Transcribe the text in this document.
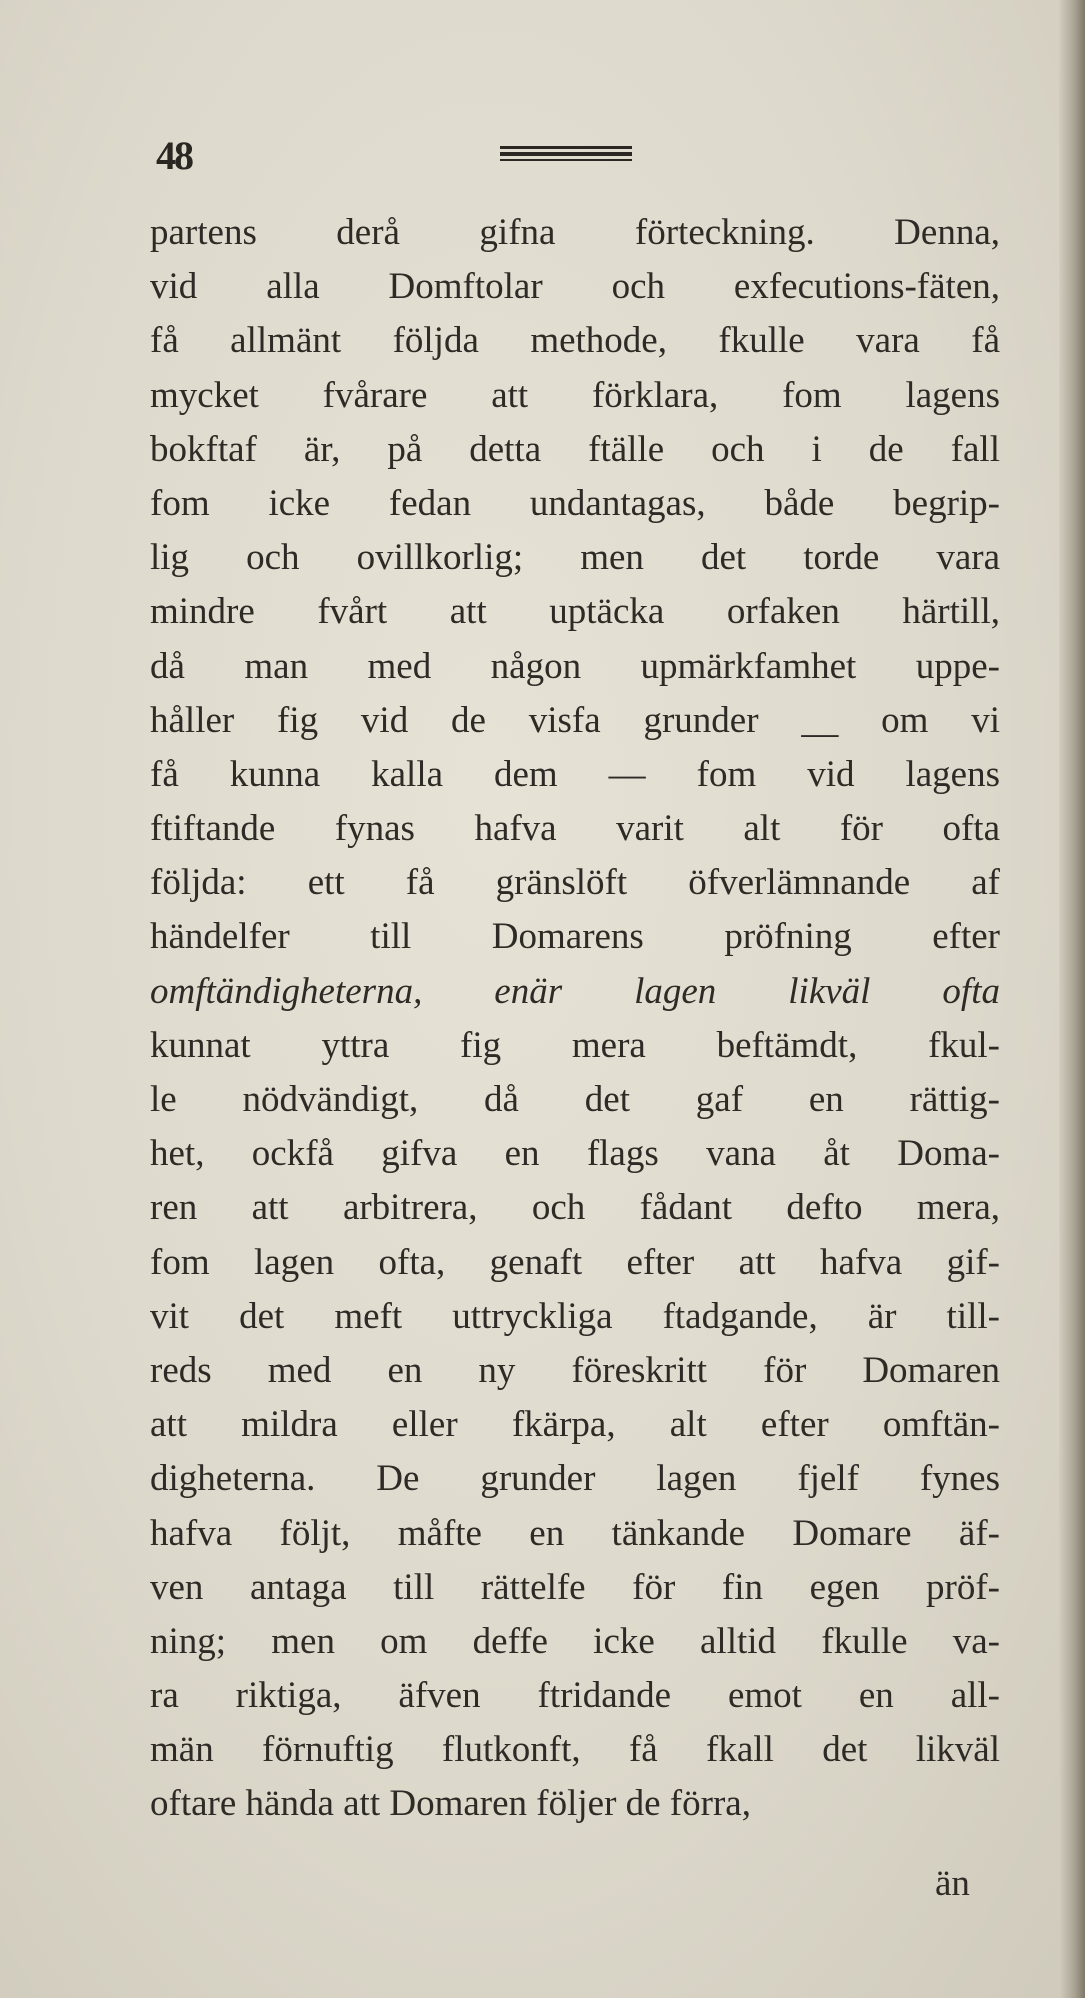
48
partens derå gifna förteckning. Denna,
vid alla Domftolar och exfecutions-fäten,
få allmänt följda methode, fkulle vara få
mycket fvårare att förklara, fom lagens
bokftaf är, på detta ftälle och i de fall
fom icke fedan undantagas, både begrip-
lig och ovillkorlig; men det torde vara
mindre fvårt att uptäcka orfaken härtill,
då man med någon upmärkfamhet uppe-
håller fig vid de visfa grunder __ om vi
få kunna kalla dem — fom vid lagens
ftiftande fynas hafva varit alt för ofta
följda: ett få gränslöft öfverlämnande af
händelfer till Domarens pröfning efter
omftändigheterna, enär lagen likväl ofta
kunnat yttra fig mera beftämdt, fkul-
le nödvändigt, då det gaf en rättig-
het, ockfå gifva en flags vana åt Doma-
ren att arbitrera, och fådant defto mera,
fom lagen ofta, genaft efter att hafva gif-
vit det meft uttryckliga ftadgande, är till-
reds med en ny föreskritt för Domaren
att mildra eller fkärpa, alt efter omftän-
digheterna. De grunder lagen fjelf fynes
hafva följt, måfte en tänkande Domare äf-
ven antaga till rättelfe för fin egen pröf-
ning; men om deffe icke alltid fkulle va-
ra riktiga, äfven ftridande emot en all-
män förnuftig flutkonft, få fkall det likväl
oftare hända att Domaren följer de förra,
än
